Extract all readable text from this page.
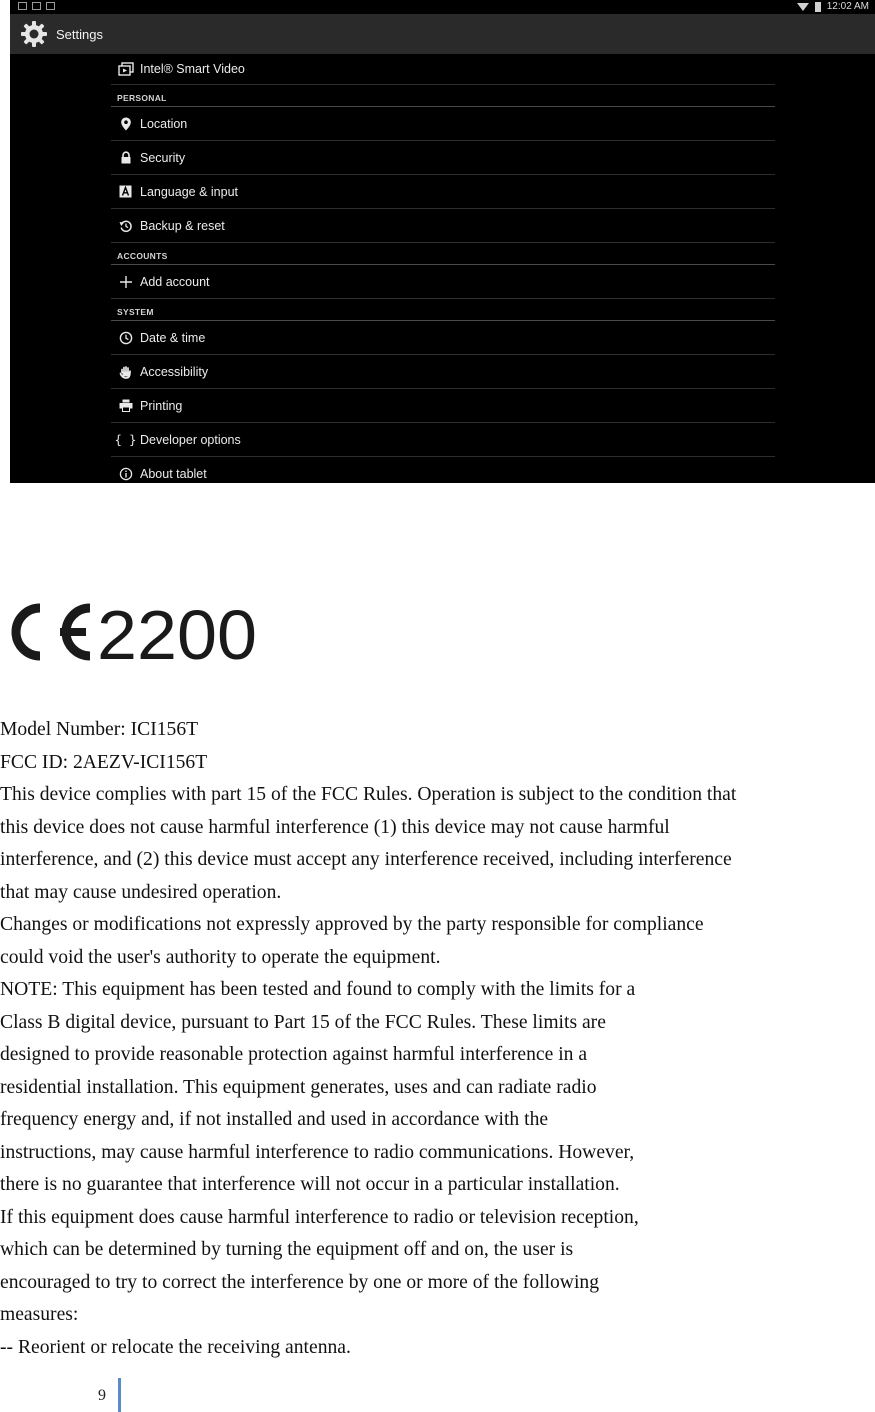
12:02 AM
Settings
Intel® Smart Video
PERSONAL
Location
Security
Language & input
Backup & reset
ACCOUNTS
Add account
SYSTEM
Date & time
Accessibility
Printing
{ } Developer options
About tablet
2200
Model Number: ICI156T
FCC ID: 2AEZV-ICI156T
This device complies with part 15 of the FCC Rules. Operation is subject to the condition that
this device does not cause harmful interference (1) this device may not cause harmful
interference, and (2) this device must accept any interference received, including interference
that may cause undesired operation.
Changes or modifications not expressly approved by the party responsible for compliance
could void the user's authority to operate the equipment.
NOTE: This equipment has been tested and found to comply with the limits for a
Class B digital device, pursuant to Part 15 of the FCC Rules. These limits are
designed to provide reasonable protection against harmful interference in a
residential installation. This equipment generates, uses and can radiate radio
frequency energy and, if not installed and used in accordance with the
instructions, may cause harmful interference to radio communications. However,
there is no guarantee that interference will not occur in a particular installation.
If this equipment does cause harmful interference to radio or television reception,
which can be determined by turning the equipment off and on, the user is
encouraged to try to correct the interference by one or more of the following
measures:
-- Reorient or relocate the receiving antenna.
9
